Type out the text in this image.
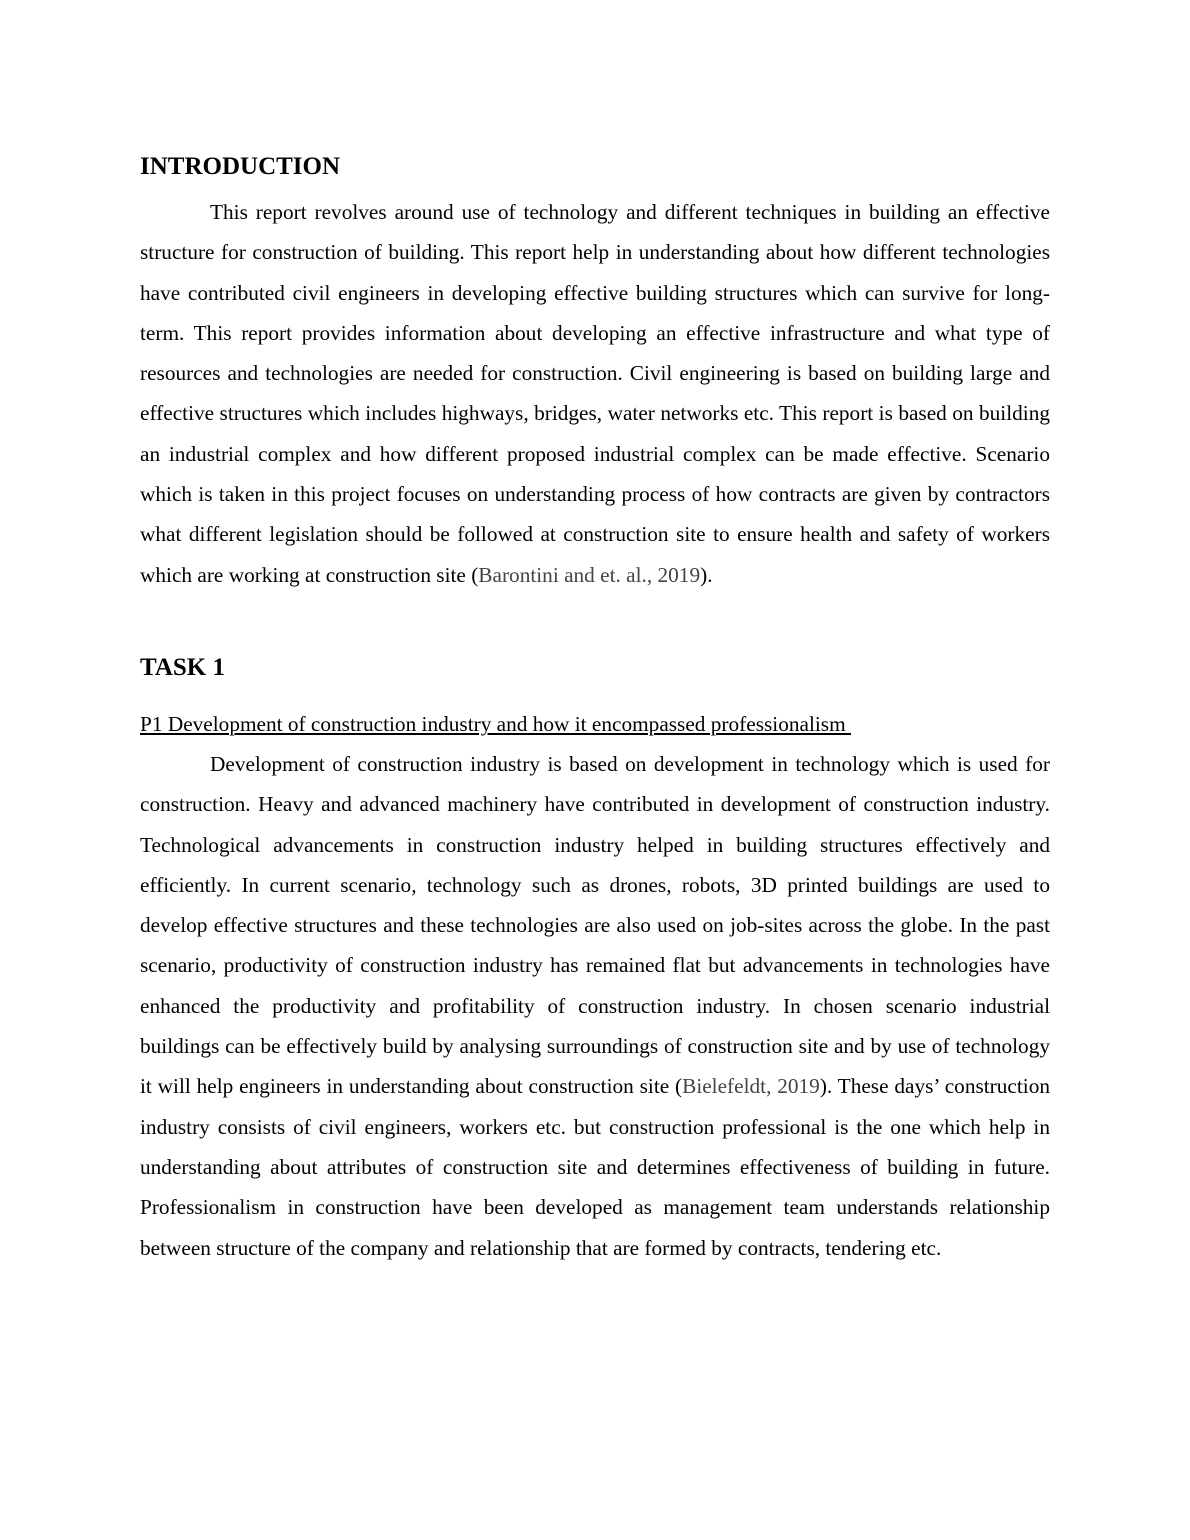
INTRODUCTION

This report revolves around use of technology and different techniques in building an effective structure for construction of building. This report help in understanding about how different technologies have contributed civil engineers in developing effective building structures which can survive for long-term. This report provides information about developing an effective infrastructure and what type of resources and technologies are needed for construction. Civil engineering is based on building large and effective structures which includes highways, bridges, water networks etc. This report is based on building an industrial complex and how different proposed industrial complex can be made effective. Scenario which is taken in this project focuses on understanding process of how contracts are given by contractors what different legislation should be followed at construction site to ensure health and safety of workers which are working at construction site (Barontini and et. al., 2019).

TASK 1

P1 Development of construction industry and how it encompassed professionalism

Development of construction industry is based on development in technology which is used for construction. Heavy and advanced machinery have contributed in development of construction industry. Technological advancements in construction industry helped in building structures effectively and efficiently. In current scenario, technology such as drones, robots, 3D printed buildings are used to develop effective structures and these technologies are also used on job-sites across the globe. In the past scenario, productivity of construction industry has remained flat but advancements in technologies have enhanced the productivity and profitability of construction industry. In chosen scenario industrial buildings can be effectively build by analysing surroundings of construction site and by use of technology it will help engineers in understanding about construction site (Bielefeldt, 2019). These days’ construction industry consists of civil engineers, workers etc. but construction professional is the one which help in understanding about attributes of construction site and determines effectiveness of building in future. Professionalism in construction have been developed as management team understands relationship between structure of the company and relationship that are formed by contracts, tendering etc.
